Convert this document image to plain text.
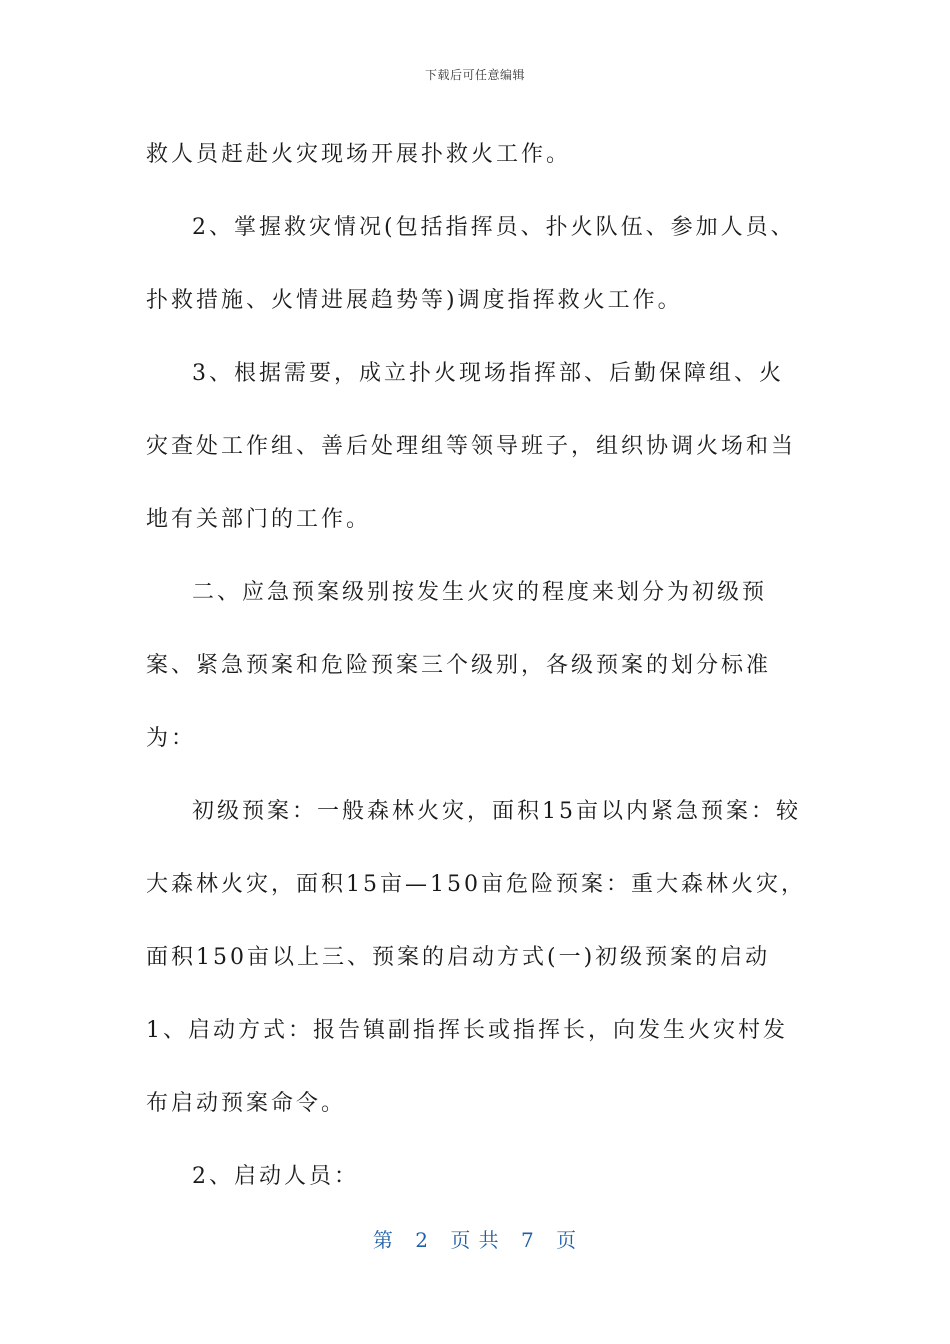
下载后可任意编辑

救人员赶赴火灾现场开展扑救火工作。

2、掌握救灾情况(包括指挥员、扑火队伍、参加人员、扑救措施、火情进展趋势等)调度指挥救火工作。

3、根据需要，成立扑火现场指挥部、后勤保障组、火灾查处工作组、善后处理组等领导班子，组织协调火场和当地有关部门的工作。

二、应急预案级别按发生火灾的程度来划分为初级预案、紧急预案和危险预案三个级别，各级预案的划分标准为：

初级预案：一般森林火灾，面积15亩以内紧急预案：较大森林火灾，面积15亩—150亩危险预案：重大森林火灾，面积150亩以上三、预案的启动方式(一)初级预案的启动1、启动方式：报告镇副指挥长或指挥长，向发生火灾村发布启动预案命令。

2、启动人员：

第 2 页 共 7 页
